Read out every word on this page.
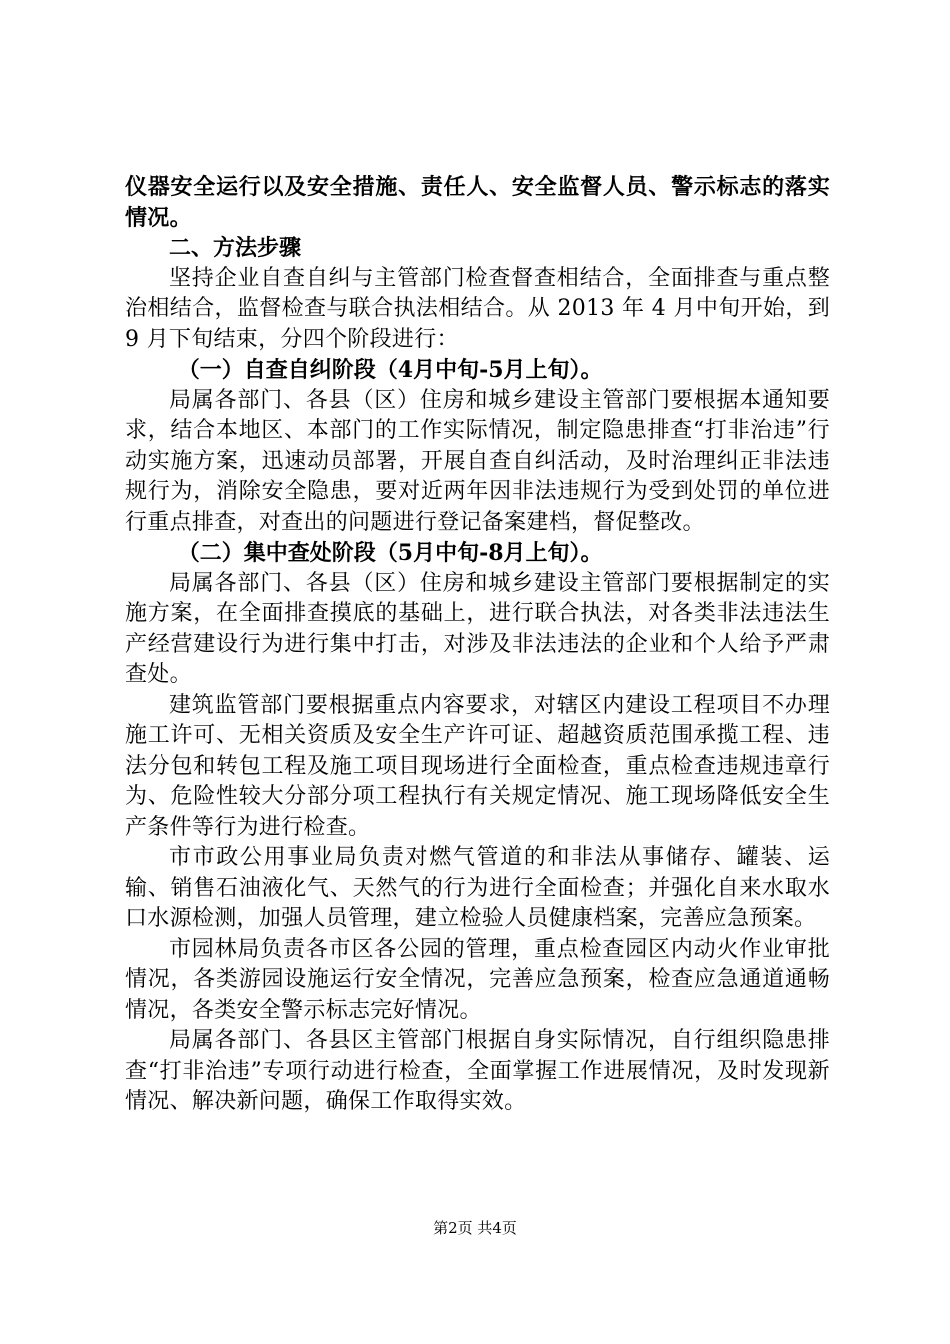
仪器安全运行以及安全措施、责任人、安全监督人员、警示标志的落实情况。

二、方法步骤

坚持企业自查自纠与主管部门检查督查相结合，全面排查与重点整治相结合，监督检查与联合执法相结合。从 2013 年 4 月中旬开始，到 9 月下旬结束，分四个阶段进行：

（一）自查自纠阶段（4月中旬-5月上旬）。

局属各部门、各县（区）住房和城乡建设主管部门要根据本通知要求，结合本地区、本部门的工作实际情况，制定隐患排查“打非治违”行动实施方案，迅速动员部署，开展自查自纠活动，及时治理纠正非法违规行为，消除安全隐患，要对近两年因非法违规行为受到处罚的单位进行重点排查，对查出的问题进行登记备案建档，督促整改。

（二）集中查处阶段（5月中旬-8月上旬）。

局属各部门、各县（区）住房和城乡建设主管部门要根据制定的实施方案，在全面排查摸底的基础上，进行联合执法，对各类非法违法生产经营建设行为进行集中打击，对涉及非法违法的企业和个人给予严肃查处。

建筑监管部门要根据重点内容要求，对辖区内建设工程项目不办理施工许可、无相关资质及安全生产许可证、超越资质范围承揽工程、违法分包和转包工程及施工项目现场进行全面检查，重点检查违规违章行为、危险性较大分部分项工程执行有关规定情况、施工现场降低安全生产条件等行为进行检查。

市市政公用事业局负责对燃气管道的和非法从事储存、罐装、运输、销售石油液化气、天然气的行为进行全面检查；并强化自来水取水口水源检测，加强人员管理，建立检验人员健康档案，完善应急预案。

市园林局负责各市区各公园的管理，重点检查园区内动火作业审批情况，各类游园设施运行安全情况，完善应急预案，检查应急通道通畅情况，各类安全警示标志完好情况。

局属各部门、各县区主管部门根据自身实际情况，自行组织隐患排查“打非治违”专项行动进行检查，全面掌握工作进展情况，及时发现新情况、解决新问题，确保工作取得实效。

第2页 共4页
